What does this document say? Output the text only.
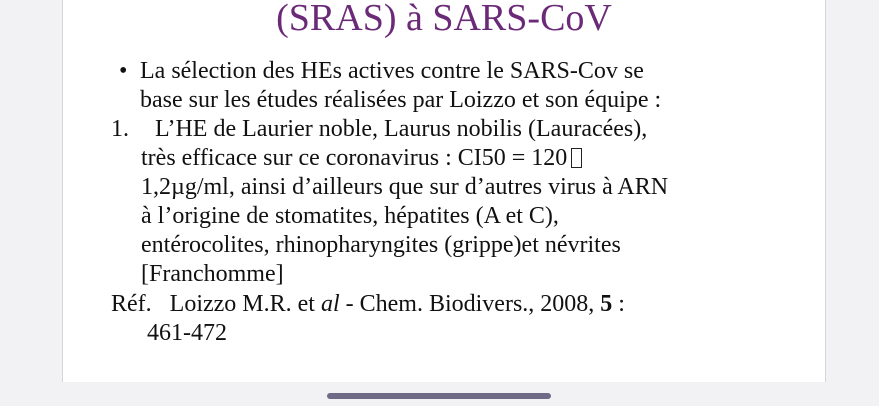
(SRAS) à SARS-CoV
• La sélection des HEs actives contre le SARS-Cov se
base sur les études réalisées par Loizzo et son équipe :
1.	L’HE de Laurier noble, Laurus nobilis (Lauracées),
très efficace sur ce coronavirus : CI50 = 120
1,2µg/ml, ainsi d’ailleurs que sur d’autres virus à ARN
à l’origine de stomatites, hépatites (A et C),
entérocolites, rhinopharyngites (grippe)et névrites
[Franchomme]
Réf. Loizzo M.R. et al - Chem. Biodivers., 2008, 5 :
461-472
